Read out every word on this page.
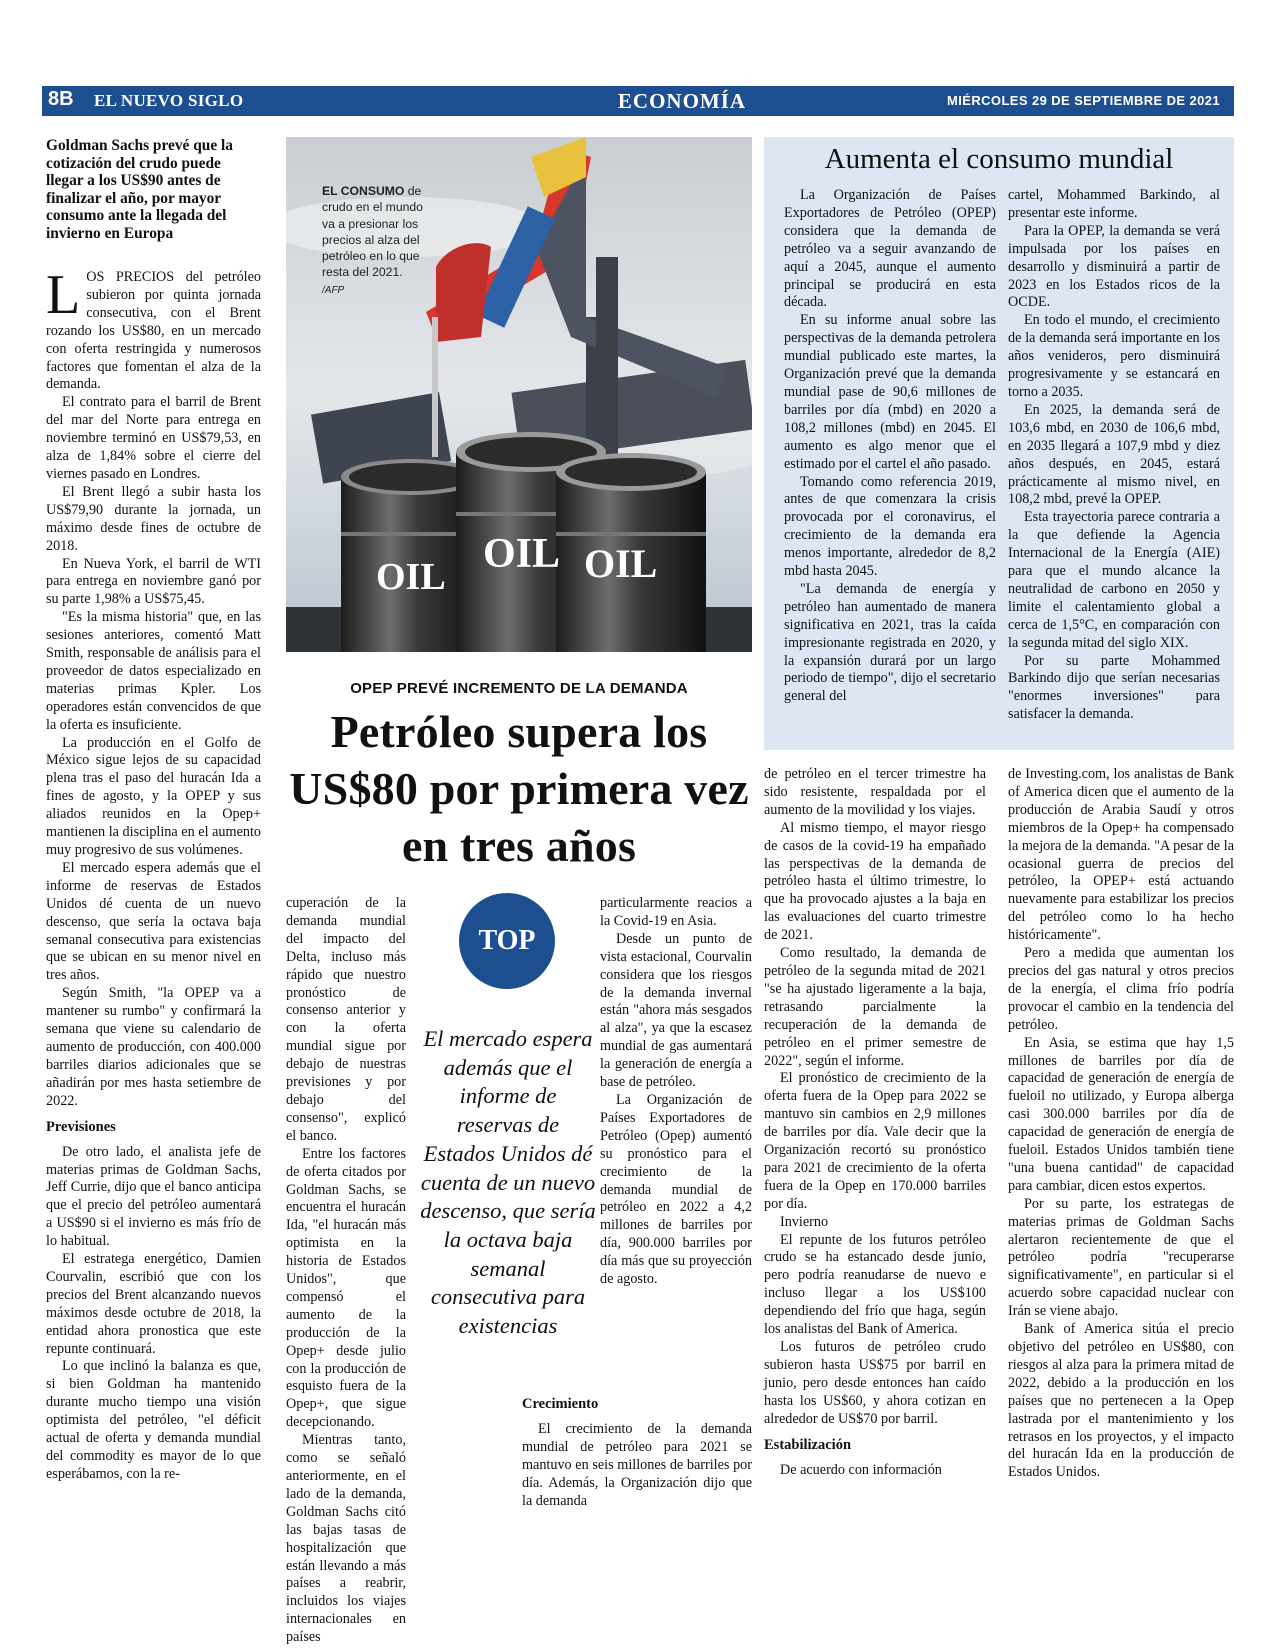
8B EL NUEVO SIGLO	ECONOMÍA	MIÉRCOLES 29 DE SEPTIEMBRE DE 2021
Goldman Sachs prevé que la cotización del crudo puede llegar a los US$90 antes de finalizar el año, por mayor consumo ante la llegada del invierno en Europa

LOS PRECIOS del petróleo subieron por quinta jornada consecutiva, con el Brent rozando los US$80, en un mercado con oferta restringida y numerosos factores que fomentan el alza de la demanda.

El contrato para el barril de Brent del mar del Norte para entrega en noviembre terminó en US$79,53, en alza de 1,84% sobre el cierre del viernes pasado en Londres.

El Brent llegó a subir hasta los US$79,90 durante la jornada, un máximo desde fines de octubre de 2018.

En Nueva York, el barril de WTI para entrega en noviembre ganó por su parte 1,98% a US$75,45.

"Es la misma historia" que, en las sesiones anteriores, comentó Matt Smith, responsable de análisis para el proveedor de datos especializado en materias primas Kpler. Los operadores están convencidos de que la oferta es insuficiente.

La producción en el Golfo de México sigue lejos de su capacidad plena tras el paso del huracán Ida a fines de agosto, y la OPEP y sus aliados reunidos en la Opep+ mantienen la disciplina en el aumento muy progresivo de sus volúmenes.

El mercado espera además que el informe de reservas de Estados Unidos dé cuenta de un nuevo descenso, que sería la octava baja semanal consecutiva para existencias que se ubican en su menor nivel en tres años.

Según Smith, "la OPEP va a mantener su rumbo" y confirmará la semana que viene su calendario de aumento de producción, con 400.000 barriles diarios adicionales que se añadirán por mes hasta setiembre de 2022.

Previsiones

De otro lado, el analista jefe de materias primas de Goldman Sachs, Jeff Currie, dijo que el banco anticipa que el precio del petróleo aumentará a US$90 si el invierno es más frío de lo habitual.

El estratega energético, Damien Courvalin, escribió que con los precios del Brent alcanzando nuevos máximos desde octubre de 2018, la entidad ahora pronostica que este repunte continuará.

Lo que inclinó la balanza es que, si bien Goldman ha mantenido durante mucho tiempo una visión optimista del petróleo, "el déficit actual de oferta y demanda mundial del commodity es mayor de lo que esperábamos, con la re-

OIL OIL OIL
EL CONSUMO de crudo en el mundo va a presionar los precios al alza del petróleo en lo que resta del 2021. /AFP
OPEP PREVÉ INCREMENTO DE LA DEMANDA
Petróleo supera los US$80 por primera vez en tres años

cuperación de la demanda mundial del impacto del Delta, incluso más rápido que nuestro pronóstico de consenso anterior y con la oferta mundial sigue por debajo de nuestras previsiones y por debajo del consenso", explicó el banco.

Entre los factores de oferta citados por Goldman Sachs, se encuentra el huracán Ida, "el huracán más optimista en la historia de Estados Unidos", que compensó el aumento de la producción de la Opep+ desde julio con la producción de esquisto fuera de la Opep+, que sigue decepcionando.

Mientras tanto, como se señaló anteriormente, en el lado de la demanda, Goldman Sachs citó las bajas tasas de hospitalización que están llevando a más países a reabrir, incluidos los viajes internacionales en países

particularmente reacios a la Covid-19 en Asia.

Desde un punto de vista estacional, Courvalin considera que los riesgos de la demanda invernal están "ahora más sesgados al alza", ya que la escasez mundial de gas aumentará la generación de energía a base de petróleo.

La Organización de Países Exportadores de Petróleo (Opep) aumentó su pronóstico para el crecimiento de la demanda mundial de petróleo en 2022 a 4,2 millones de barriles por día, 900.000 barriles por día más que su proyección de agosto.

Crecimiento

El crecimiento de la demanda mundial de petróleo para 2021 se mantuvo en seis millones de barriles por día. Además, la Organización dijo que la demanda

TOP
El mercado espera además que el informe de reservas de Estados Unidos dé cuenta de un nuevo descenso, que sería la octava baja semanal consecutiva para existencias

de petróleo en el tercer trimestre ha sido resistente, respaldada por el aumento de la movilidad y los viajes.

Al mismo tiempo, el mayor riesgo de casos de la covid-19 ha empañado las perspectivas de la demanda de petróleo hasta el último trimestre, lo que ha provocado ajustes a la baja en las evaluaciones del cuarto trimestre de 2021.

Como resultado, la demanda de petróleo de la segunda mitad de 2021 "se ha ajustado ligeramente a la baja, retrasando parcialmente la recuperación de la demanda de petróleo en el primer semestre de 2022", según el informe.

El pronóstico de crecimiento de la oferta fuera de la Opep para 2022 se mantuvo sin cambios en 2,9 millones de barriles por día. Vale decir que la Organización recortó su pronóstico para 2021 de crecimiento de la oferta fuera de la Opep en 170.000 barriles por día.

Invierno

El repunte de los futuros petróleo crudo se ha estancado desde junio, pero podría reanudarse de nuevo e incluso llegar a los US$100 dependiendo del frío que haga, según los analistas del Bank of America.

Los futuros de petróleo crudo subieron hasta US$75 por barril en junio, pero desde entonces han caído hasta los US$60, y ahora cotizan en alrededor de US$70 por barril.

Estabilización

De acuerdo con información

de Investing.com, los analistas de Bank of America dicen que el aumento de la producción de Arabia Saudí y otros miembros de la Opep+ ha compensado la mejora de la demanda. "A pesar de la ocasional guerra de precios del petróleo, la OPEP+ está actuando nuevamente para estabilizar los precios del petróleo como lo ha hecho históricamente".

Pero a medida que aumentan los precios del gas natural y otros precios de la energía, el clima frío podría provocar el cambio en la tendencia del petróleo.

En Asia, se estima que hay 1,5 millones de barriles por día de capacidad de generación de energía de fueloil no utilizado, y Europa alberga casi 300.000 barriles por día de capacidad de generación de energía de fueloil. Estados Unidos también tiene "una buena cantidad" de capacidad para cambiar, dicen estos expertos.

Por su parte, los estrategas de materias primas de Goldman Sachs alertaron recientemente de que el petróleo podría "recuperarse significativamente", en particular si el acuerdo sobre capacidad nuclear con Irán se viene abajo.

Bank of America sitúa el precio objetivo del petróleo en US$80, con riesgos al alza para la primera mitad de 2022, debido a la producción en los países que no pertenecen a la Opep lastrada por el mantenimiento y los retrasos en los proyectos, y el impacto del huracán Ida en la producción de Estados Unidos.

Aumenta el consumo mundial

La Organización de Países Exportadores de Petróleo (OPEP) considera que la demanda de petróleo va a seguir avanzando de aquí a 2045, aunque el aumento principal se producirá en esta década.

En su informe anual sobre las perspectivas de la demanda petrolera mundial publicado este martes, la Organización prevé que la demanda mundial pase de 90,6 millones de barriles por día (mbd) en 2020 a 108,2 millones (mbd) en 2045. El aumento es algo menor que el estimado por el cartel el año pasado.

Tomando como referencia 2019, antes de que comenzara la crisis provocada por el coronavirus, el crecimiento de la demanda era menos importante, alrededor de 8,2 mbd hasta 2045.

"La demanda de energía y petróleo han aumentado de manera significativa en 2021, tras la caída impresionante registrada en 2020, y la expansión durará por un largo periodo de tiempo", dijo el secretario general del

cartel, Mohammed Barkindo, al presentar este informe.

Para la OPEP, la demanda se verá impulsada por los países en desarrollo y disminuirá a partir de 2023 en los Estados ricos de la OCDE.

En todo el mundo, el crecimiento de la demanda será importante en los años venideros, pero disminuirá progresivamente y se estancará en torno a 2035.

En 2025, la demanda será de 103,6 mbd, en 2030 de 106,6 mbd, en 2035 llegará a 107,9 mbd y diez años después, en 2045, estará prácticamente al mismo nivel, en 108,2 mbd, prevé la OPEP.

Esta trayectoria parece contraria a la que defiende la Agencia Internacional de la Energía (AIE) para que el mundo alcance la neutralidad de carbono en 2050 y limite el calentamiento global a cerca de 1,5°C, en comparación con la segunda mitad del siglo XIX.

Por su parte Mohammed Barkindo dijo que serían necesarias "enormes inversiones" para satisfacer la demanda.
